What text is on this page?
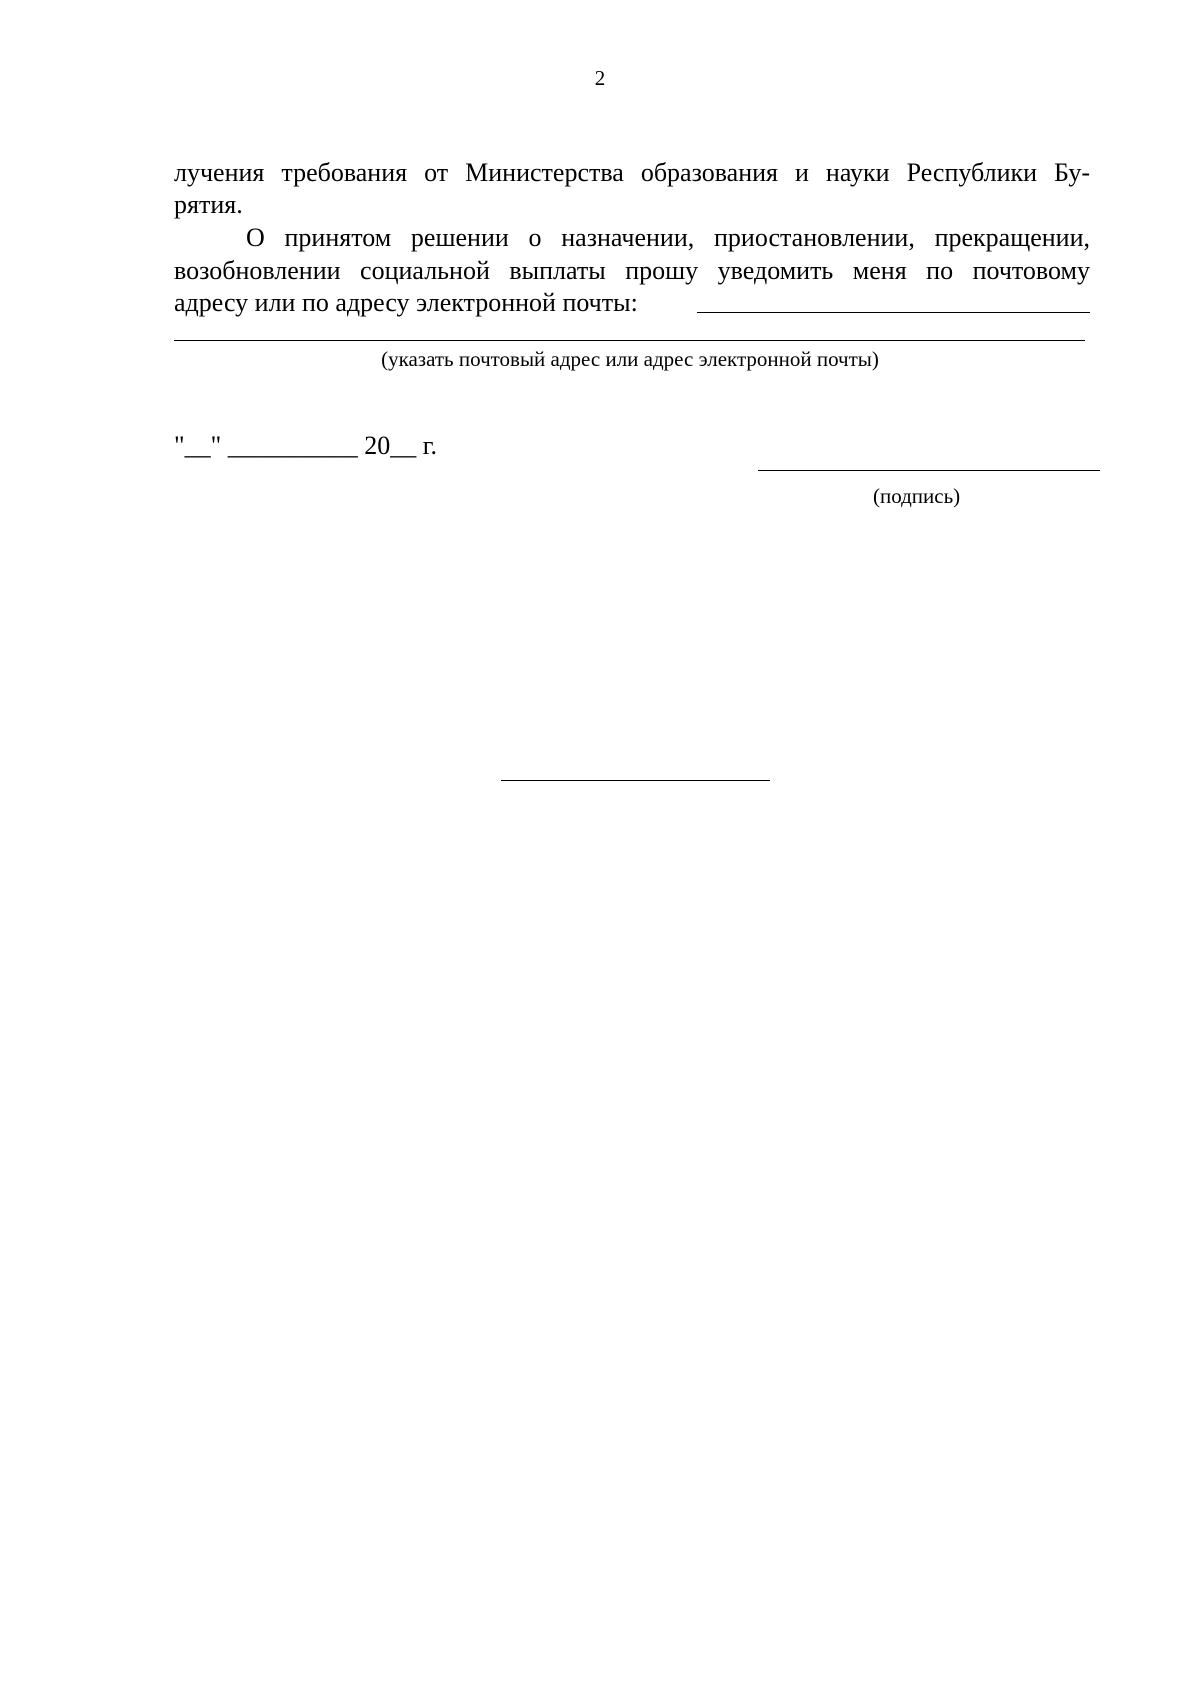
2
лучения требования от Министерства образования и науки Республики Бу-
рятия.
О принятом решении о назначении, приостановлении, прекращении,
возобновлении социальной выплаты прошу уведомить меня по почтовому
адресу или по адресу электронной почты:
(указать почтовый адрес или адрес электронной почты)
"__" __________ 20__ г.
(подпись)
